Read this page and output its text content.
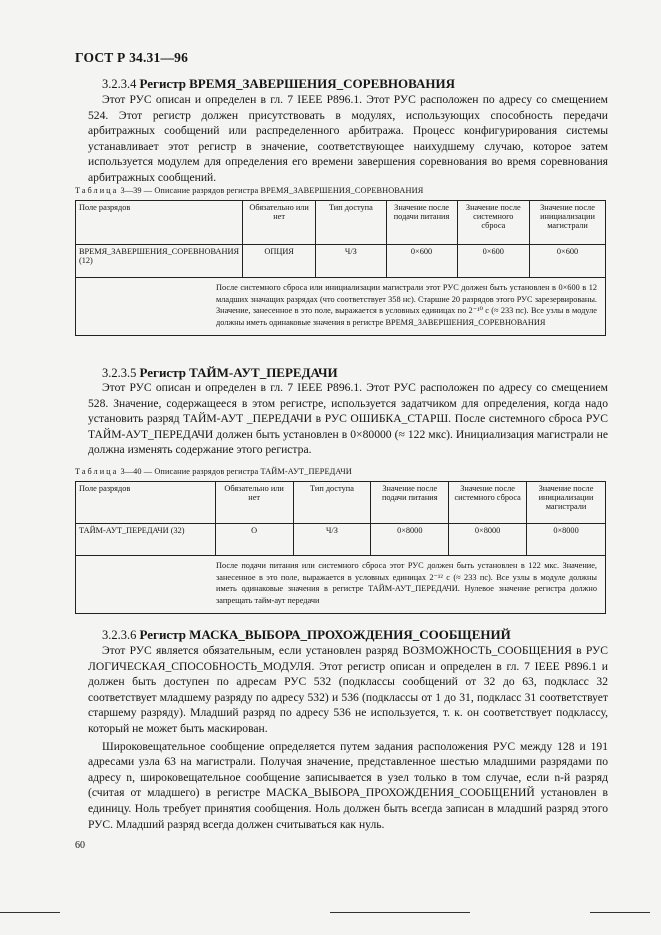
ГОСТ Р 34.31—96
3.2.3.4 Регистр ВРЕМЯ_ЗАВЕРШЕНИЯ_СОРЕВНОВАНИЯ

Этот РУС описан и определен в гл. 7 IEEE Р896.1. Этот РУС расположен по адресу со смещением 524. Этот регистр должен присутствовать в модулях, использующих способность передачи арбитражных сообщений или распределенного арбитража. Процесс конфигурирования системы устанавливает этот регистр в значение, соответствующее наихудшему случаю, которое затем используется модулем для определения его времени завершения соревнования во время соревнования арбитражных сообщений.

Таблица 3—39 — Описание разрядов регистра ВРЕМЯ_ЗАВЕРШЕНИЯ_СОРЕВНОВАНИЯ
Поле разрядов	Обязательно или нет	Тип доступа	Значение после подачи питания	Значение после системного сброса	Значение после инициализации магистрали
ВРЕМЯ_ЗАВЕРШЕНИЯ_СОРЕВНОВАНИЯ (12)	ОПЦИЯ	Ч/З	0×600	0×600	0×600
После системного сброса или инициализации магистрали этот РУС должен быть установлен в 0×600 в 12 младших значащих разрядах (что соответствует 358 нс). Старшие 20 разрядов этого РУС зарезервированы. Значение, занесенное в это поле, выражается в условных единицах по 2⁻¹⁰ с (≈ 233 пс). Все узлы в модуле должны иметь одинаковые значения в регистре ВРЕМЯ_ЗАВЕРШЕНИЯ_СОРЕВНОВАНИЯ					
3.2.3.5 Регистр ТАЙМ-АУТ_ПЕРЕДАЧИ

Этот РУС описан и определен в гл. 7 IEEE Р896.1. Этот РУС расположен по адресу со смещением 528. Значение, содержащееся в этом регистре, используется задатчиком для определения, когда надо установить разряд ТАЙМ-АУТ _ПЕРЕДАЧИ в РУС ОШИБКА_СТАРШ. После системного сброса РУС ТАЙМ-АУТ_ПЕРЕДАЧИ должен быть установлен в 0×80000 (≈ 122 мкс). Инициализация магистрали не должна изменять содержание этого регистра.

Таблица 3—40 — Описание разрядов регистра ТАЙМ-АУТ_ПЕРЕДАЧИ
Поле разрядов	Обязательно или нет	Тип доступа	Значение после подачи питания	Значение после системного сброса	Значение после инициализации магистрали
ТАЙМ-АУТ_ПЕРЕДАЧИ (32)	О	Ч/З	0×8000	0×8000	0×8000
После подачи питания или системного сброса этот РУС должен быть установлен в 122 мкс. Значение, занесенное в это поле, выражается в условных единицах 2⁻¹² с (≈ 233 пс). Все узлы в модуле должны иметь одинаковые значения в регистре ТАЙМ-АУТ_ПЕРЕДАЧИ. Нулевое значение регистра должно запрещать тайм-аут передачи					
3.2.3.6 Регистр МАСКА_ВЫБОРА_ПРОХОЖДЕНИЯ_СООБЩЕНИЙ

Этот РУС является обязательным, если установлен разряд ВОЗМОЖНОСТЬ_СООБЩЕНИЯ в РУС ЛОГИЧЕСКАЯ_СПОСОБНОСТЬ_МОДУЛЯ. Этот регистр описан и определен в гл. 7 IEEE Р896.1 и должен быть доступен по адресам РУС 532 (подклассы сообщений от 32 до 63, подкласс 32 соответствует младшему разряду по адресу 532) и 536 (подклассы от 1 до 31, подкласс 31 соответствует старшему разряду). Младший разряд по адресу 536 не используется, т. к. он соответствует подклассу, который не может быть маскирован.

Широковещательное сообщение определяется путем задания расположения РУС между 128 и 191 адресами узла 63 на магистрали. Получая значение, представленное шестью младшими разрядами по адресу n, широковещательное сообщение записывается в узел только в том случае, если n-й разряд (считая от младшего) в регистре МАСКА_ВЫБОРА_ПРОХОЖДЕНИЯ_СООБЩЕНИЙ установлен в единицу. Ноль требует принятия сообщения. Ноль должен быть всегда записан в младший разряд этого РУС. Младший разряд всегда должен считываться как нуль.

60
